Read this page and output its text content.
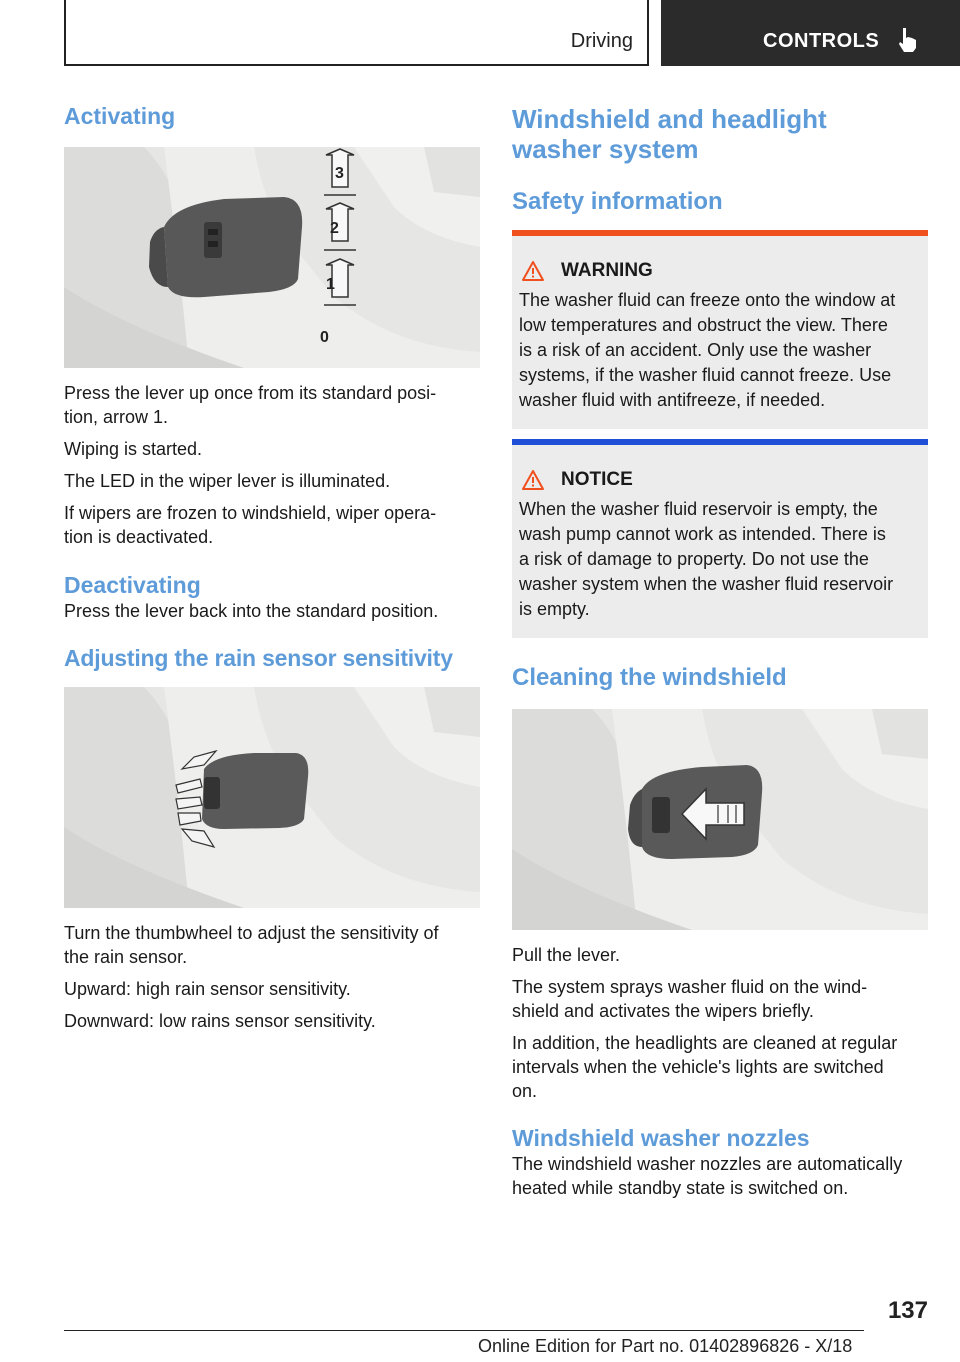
Driving	CONTROLS
Activating
3
2
1
0

Press the lever up once from its standard posi‐

tion, arrow 1.

Wiping is started.

The LED in the wiper lever is illuminated.

If wipers are frozen to windshield, wiper opera‐

tion is deactivated.

Deactivating

Press the lever back into the standard position.

Adjusting the rain sensor sensitivity

Turn the thumbwheel to adjust the sensitivity of

the rain sensor.

Upward: high rain sensor sensitivity.

Downward: low rains sensor sensitivity.

Windshield and headlight
washer system
Safety information
WARNING

The washer fluid can freeze onto the window at

low temperatures and obstruct the view. There

is a risk of an accident. Only use the washer

systems, if the washer fluid cannot freeze. Use

washer fluid with antifreeze, if needed.

NOTICE

When the washer fluid reservoir is empty, the

wash pump cannot work as intended. There is

a risk of damage to property. Do not use the

washer system when the washer fluid reservoir

is empty.

Cleaning the windshield

Pull the lever.

The system sprays washer fluid on the wind‐

shield and activates the wipers briefly.

In addition, the headlights are cleaned at regular

intervals when the vehicle's lights are switched

on.

Windshield washer nozzles

The windshield washer nozzles are automatically

heated while standby state is switched on.

137
Online Edition for Part no. 01402896826 - X/18
